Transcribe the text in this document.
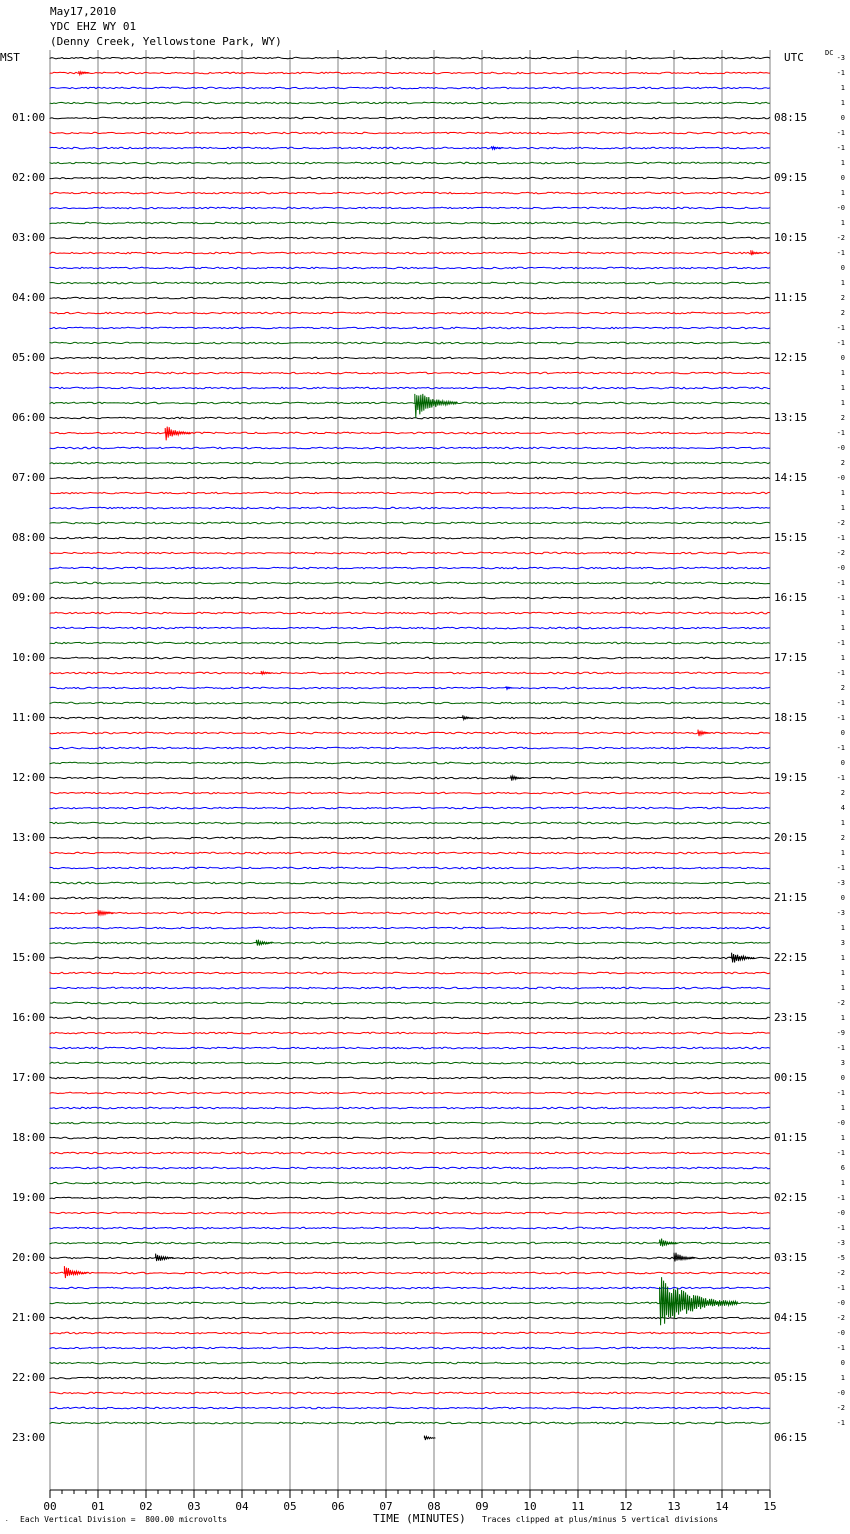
00	01	02	03	04	05	06	07	08	09	10	11	12	13	14	15
May17,2010
YDC EHZ WY 01
(Denny Creek, Yellowstone Park, WY)
MST	UTC	DC
01:00
02:00
03:00
04:00
05:00
06:00
07:00
08:00
09:00
10:00
11:00
12:00
13:00
14:00
15:00
16:00
17:00
18:00
19:00
20:00
21:00
22:00
23:00
08:15
09:15
10:15
11:15
12:15
13:15
14:15
15:15
16:15
17:15
18:15
19:15
20:15
21:15
22:15
23:15
00:15
01:15
02:15
03:15
04:15
05:15
06:15
-3
-1
1
1
0
-1
-1
1
0
1
-0
1
-2
-1
0
1
2
2
-1
-1
0
1
1
1
2
-1
-0
2
-0
1
1
-2
-1
-2
-0
-1
-1
1
1
-1
1
-1
2
-1
-1
0
-1
0
-1
2
4
1
2
1
-1
-3
0
-3
1
3
1
1
1
-2
1
-9
-1
3
0
-1
1
-0
1
-1
6
1
-1
-0
-1
-3
-5
-2
-1
-0
-2
-0
-1
0
1
-0
-2
-1
. Each Vertical Division =  800.00 microvolts	TIME (MINUTES) Traces clipped at plus/minus 5 vertical divisions
